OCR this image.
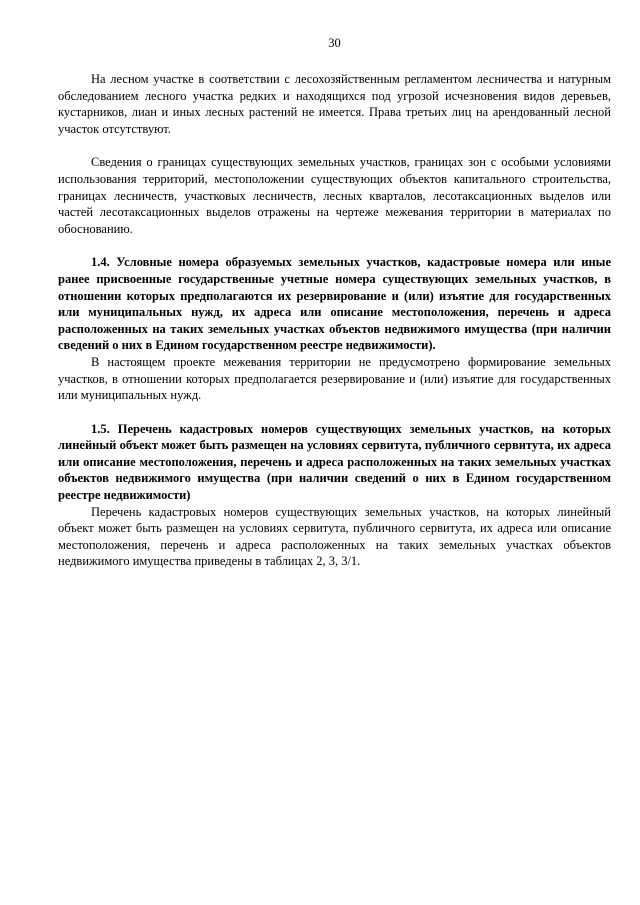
30

На лесном участке в соответствии с лесохозяйственным регламентом лесничества и натурным обследованием лесного участка редких и находящихся под угрозой исчезновения видов деревьев, кустарников, лиан и иных лесных растений не имеется. Права третьих лиц на арендованный лесной участок отсутствуют.

Сведения о границах существующих земельных участков, границах зон с особыми условиями использования территорий, местоположении существующих объектов капитального строительства, границах лесничеств, участковых лесничеств, лесных кварталов, лесотаксационных выделов или частей лесотаксационных выделов отражены на чертеже межевания территории в материалах по обоснованию.

1.4. Условные номера образуемых земельных участков, кадастровые номера или иные ранее присвоенные государственные учетные номера существующих земельных участков, в отношении которых предполагаются их резервирование и (или) изъятие для государственных или муниципальных нужд, их адреса или описание местоположения, перечень и адреса расположенных на таких земельных участках объектов недвижимого имущества (при наличии сведений о них в Едином государственном реестре недвижимости).

В настоящем проекте межевания территории не предусмотрено формирование земельных участков, в отношении которых предполагается резервирование и (или) изъятие для государственных или муниципальных нужд.

1.5. Перечень кадастровых номеров существующих земельных участков, на которых линейный объект может быть размещен на условиях сервитута, публичного сервитута, их адреса или описание местоположения, перечень и адреса расположенных на таких земельных участках объектов недвижимого имущества (при наличии сведений о них в Едином государственном реестре недвижимости)

Перечень кадастровых номеров существующих земельных участков, на которых линейный объект может быть размещен на условиях сервитута, публичного сервитута, их адреса или описание местоположения, перечень и адреса расположенных на таких земельных участках объектов недвижимого имущества приведены в таблицах 2, 3, 3/1.
